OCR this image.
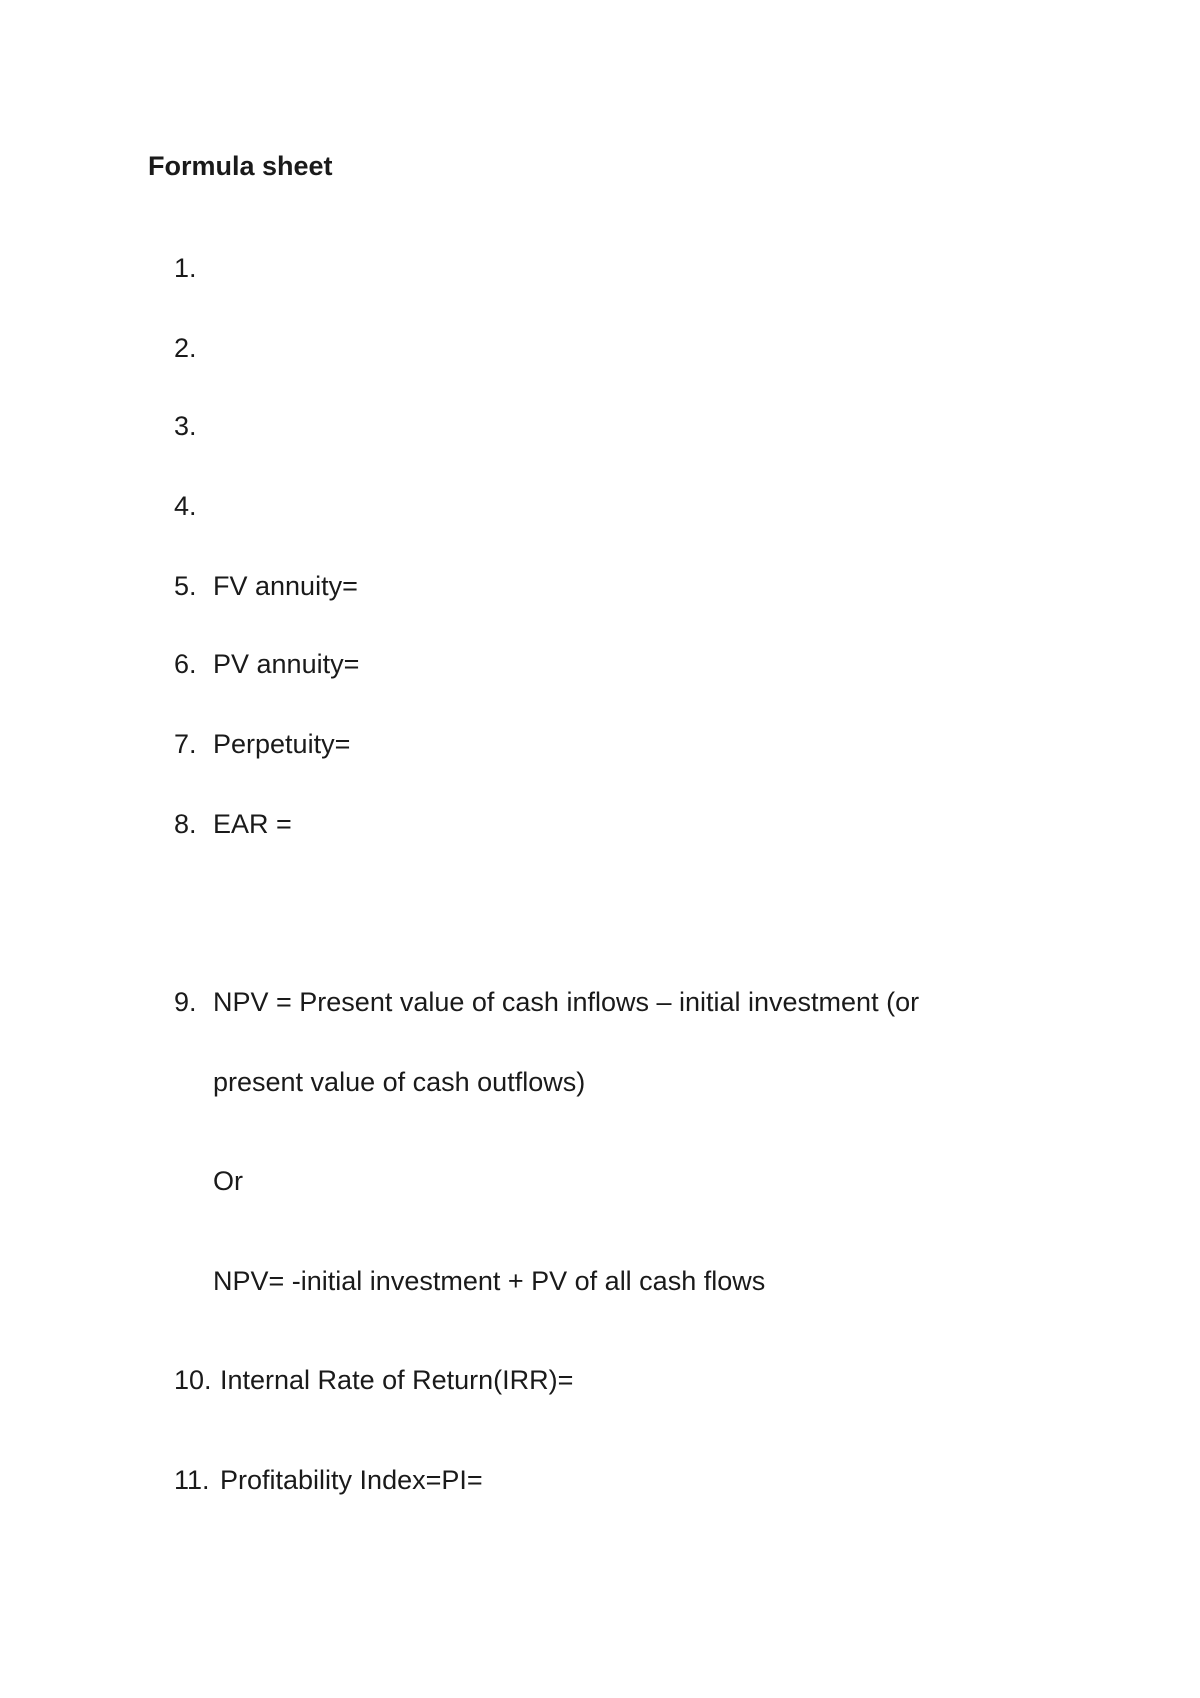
Formula sheet
1.
2.
3.
4.
5. FV annuity=
6. PV annuity=
7. Perpetuity=
8. EAR =
9. NPV = Present value of cash inflows – initial investment (or
present value of cash outflows)
Or
NPV= -initial investment + PV of all cash flows
10. Internal Rate of Return(IRR)=
11. Profitability Index=PI=
